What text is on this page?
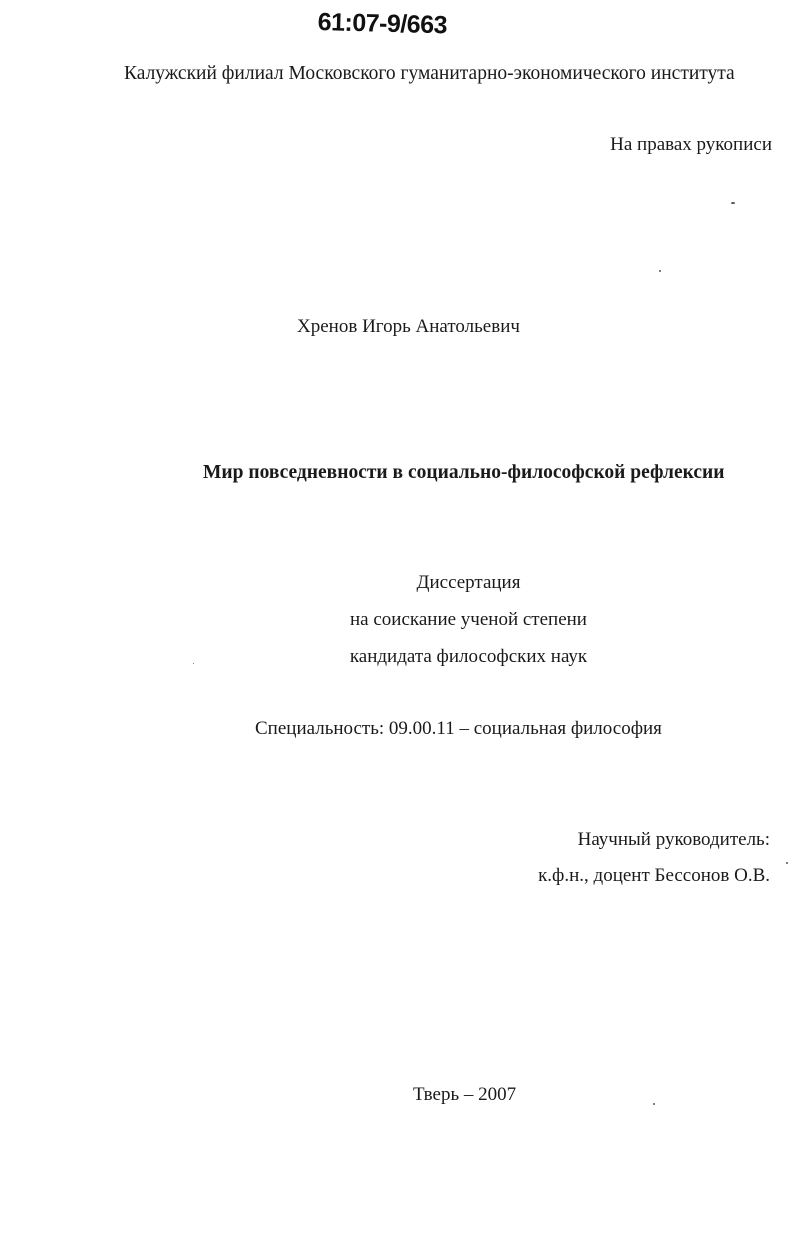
61:07-9/663
Калужский филиал Московского гуманитарно-экономического института
На правах рукописи
Хренов Игорь Анатольевич
Мир повседневности в социально-философской рефлексии
Диссертация
на соискание ученой степени
кандидата философских наук
Специальность: 09.00.11 – социальная философия
Научный руководитель:
к.ф.н., доцент Бессонов О.В.
Тверь – 2007
